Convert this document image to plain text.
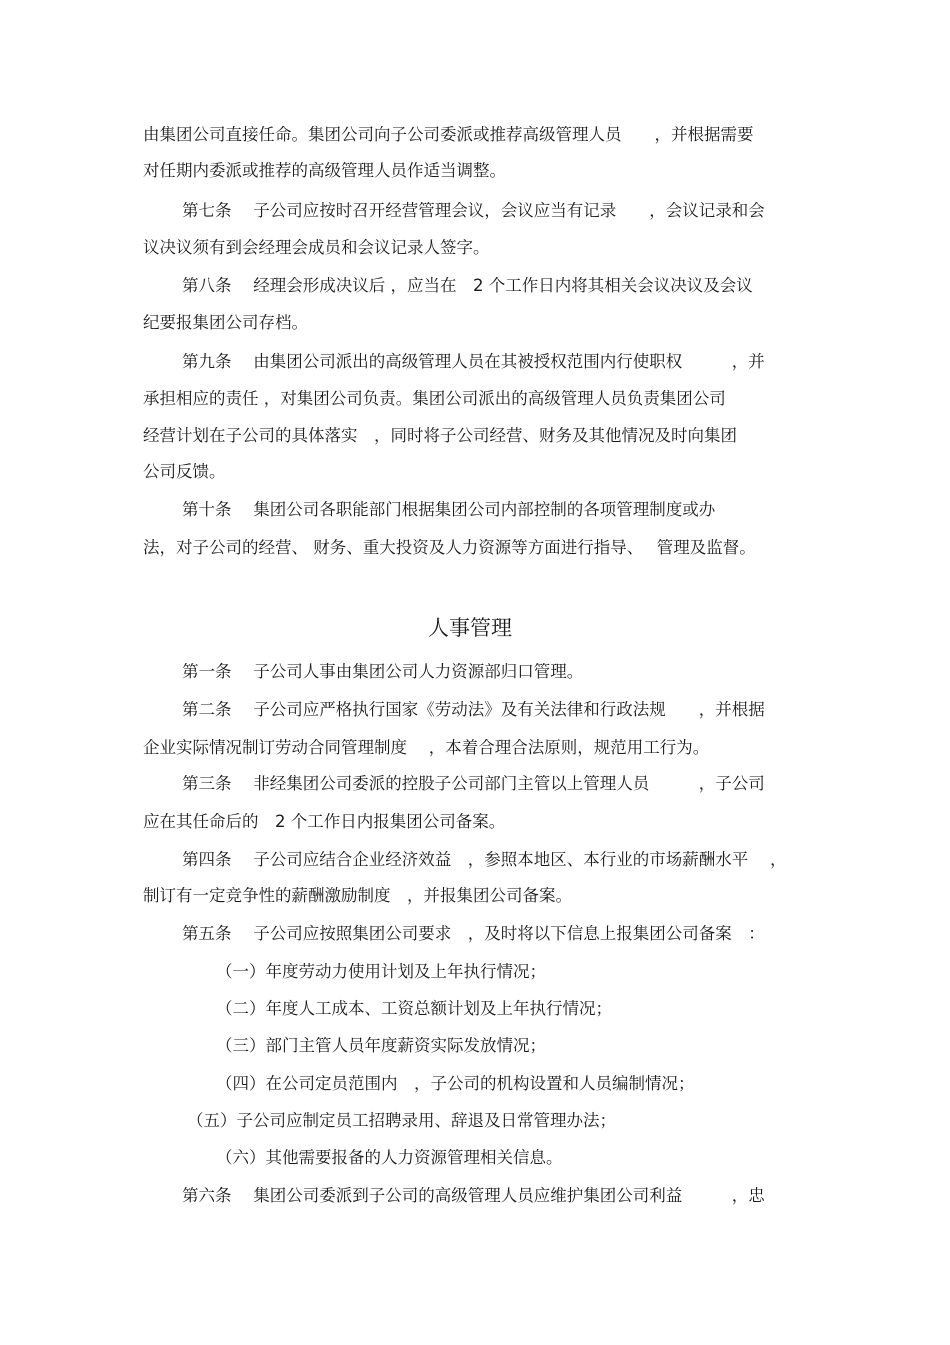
由集团公司直接任命。集团公司向子公司委派或推荐高级管理人员　　，并根据需要
对任期内委派或推荐的高级管理人员作适当调整。
第七条　 子公司应按时召开经营管理会议，会议应当有记录　　，会议记录和会
议决议须有到会经理会成员和会议记录人签字。
第八条　 经理会形成决议后 ，应当在　2 个工作日内将其相关会议决议及会议
纪要报集团公司存档。
第九条　 由集团公司派出的高级管理人员在其被授权范围内行使职权　　　，并
承担相应的责任 ，对集团公司负责。集团公司派出的高级管理人员负责集团公司
经营计划在子公司的具体落实　，同时将子公司经营、财务及其他情况及时向集团
公司反馈。
第十条　 集团公司各职能部门根据集团公司内部控制的各项管理制度或办
法，对子公司的经营、 财务、重大投资及人力资源等方面进行指导、　 管理及监督。
人事管理
第一条　 子公司人事由集团公司人力资源部归口管理。
第二条　 子公司应严格执行国家《劳动法》及有关法律和行政法规　　，并根据
企业实际情况制订劳动合同管理制度　 ，本着合理合法原则，规范用工行为。
第三条　 非经集团公司委派的控股子公司部门主管以上管理人员　　　，子公司
应在其任命后的　2 个工作日内报集团公司备案。
第四条　 子公司应结合企业经济效益　，参照本地区、本行业的市场薪酬水平　 ，
制订有一定竞争性的薪酬激励制度　，并报集团公司备案。
第五条　 子公司应按照集团公司要求　，及时将以下信息上报集团公司备案　：
（一）年度劳动力使用计划及上年执行情况；
（二）年度人工成本、工资总额计划及上年执行情况；
（三）部门主管人员年度薪资实际发放情况；
（四）在公司定员范围内　，子公司的机构设置和人员编制情况；
（五）子公司应制定员工招聘录用、辞退及日常管理办法；
（六）其他需要报备的人力资源管理相关信息。
第六条　 集团公司委派到子公司的高级管理人员应维护集团公司利益　　　，忠
